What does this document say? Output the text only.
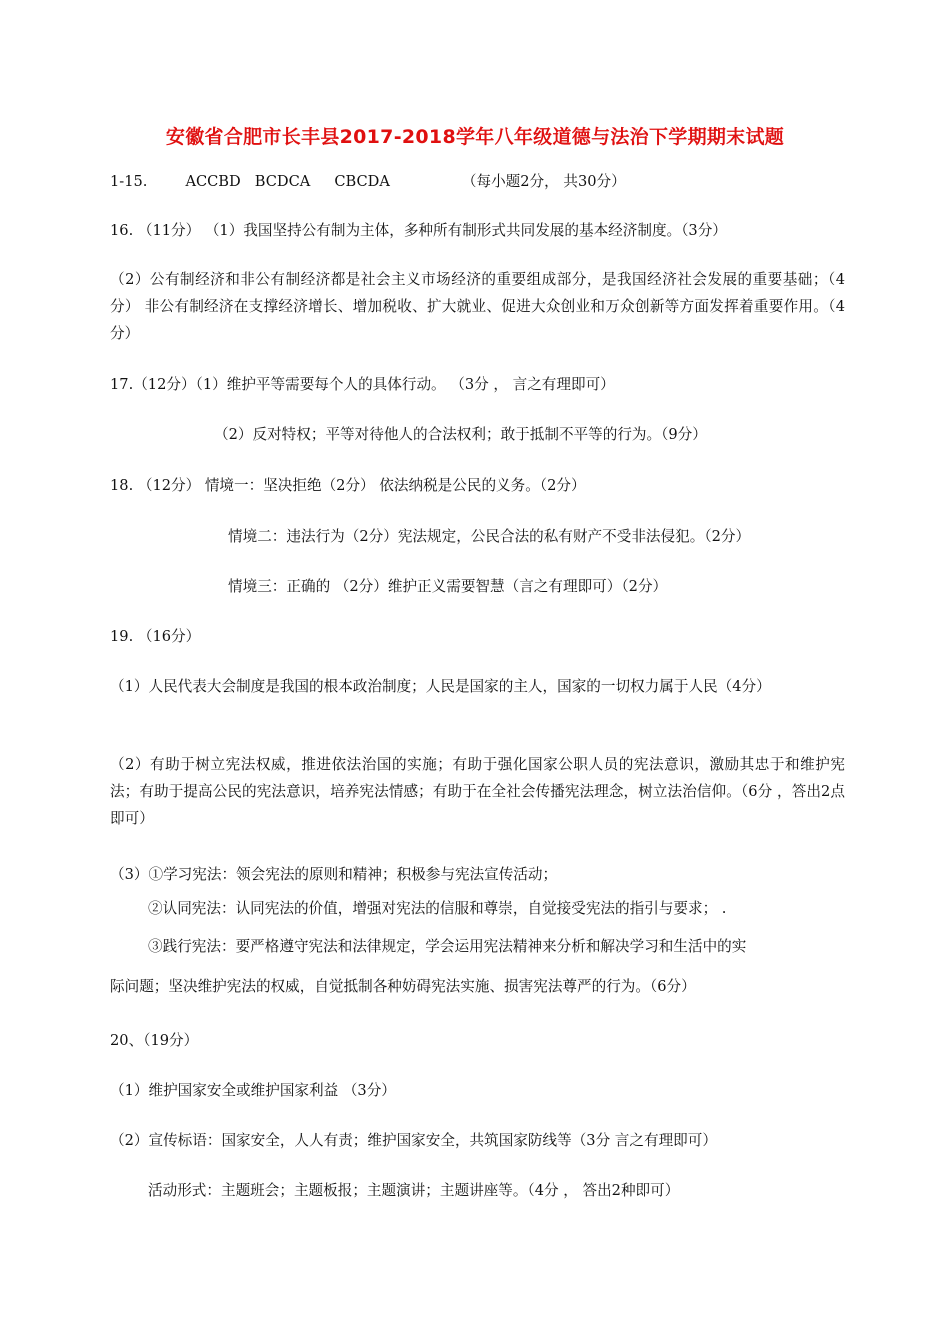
安徽省合肥市长丰县2017-2018学年八年级道德与法治下学期期末试题
1-15.	ACCBD BCDCA CBCDA	（每小题2分， 共30分）
16. （11分） （1）我国坚持公有制为主体，多种所有制形式共同发展的基本经济制度。（3分）
（2）公有制经济和非公有制经济都是社会主义市场经济的重要组成部分，是我国经济社会发展的重要基础；（4分） 非公有制经济在支撑经济增长、增加税收、扩大就业、促进大众创业和万众创新等方面发挥着重要作用。（4分）
17.（12分）（1）维护平等需要每个人的具体行动。 （3分 ， 言之有理即可）
（2）反对特权；平等对待他人的合法权利；敢于抵制不平等的行为。（9分）
18. （12分） 情境一：坚决拒绝（2分） 依法纳税是公民的义务。（2分）
情境二：违法行为（2分）宪法规定，公民合法的私有财产不受非法侵犯。（2分）
情境三：正确的 （2分）维护正义需要智慧（言之有理即可）（2分）
19. （16分）
（1）人民代表大会制度是我国的根本政治制度；人民是国家的主人，国家的一切权力属于人民（4分）
（2）有助于树立宪法权威，推进依法治国的实施；有助于强化国家公职人员的宪法意识，激励其忠于和维护宪法；有助于提高公民的宪法意识，培养宪法情感；有助于在全社会传播宪法理念，树立法治信仰。（6分 ，答出2点即可）
（3）①学习宪法：领会宪法的原则和精神；积极参与宪法宣传活动；
②认同宪法：认同宪法的价值，增强对宪法的信服和尊崇，自觉接受宪法的指引与要求； .
③践行宪法：要严格遵守宪法和法律规定，学会运用宪法精神来分析和解决学习和生活中的实
际问题；坚决维护宪法的权威，自觉抵制各种妨碍宪法实施、损害宪法尊严的行为。（6分）
20、（19分）
（1）维护国家安全或维护国家利益 （3分）
（2）宣传标语：国家安全，人人有责；维护国家安全，共筑国家防线等（3分 言之有理即可）
活动形式：主题班会；主题板报；主题演讲；主题讲座等。（4分 ， 答出2种即可）
